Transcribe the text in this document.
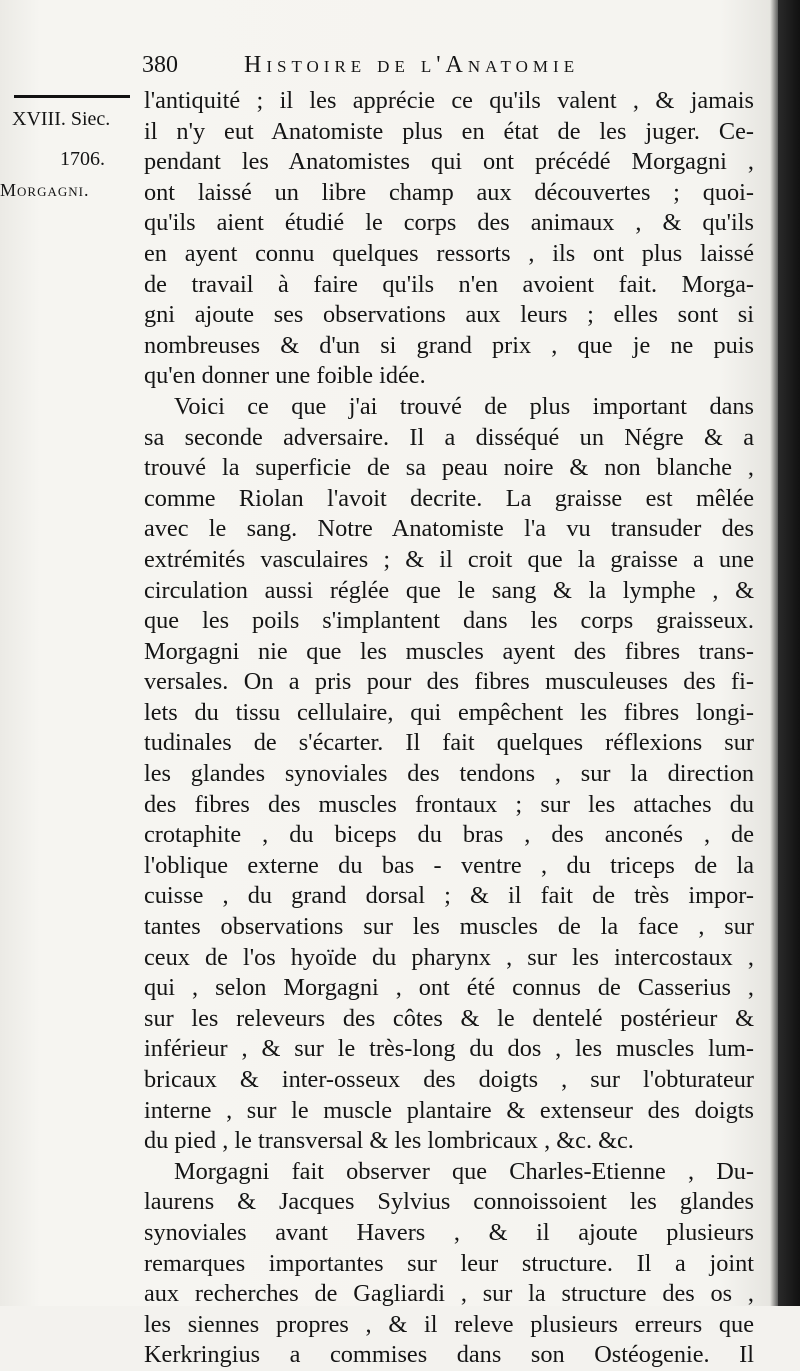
380	Histoire de l'Anatomie
XVIII. Siec.
1706.
Morgagni.
l'antiquité ; il les apprécie ce qu'ils valent , & jamais
il n'y eut Anatomiste plus en état de les juger. Ce-
pendant les Anatomistes qui ont précédé Morgagni ,
ont laissé un libre champ aux découvertes ; quoi-
qu'ils aient étudié le corps des animaux , & qu'ils
en ayent connu quelques ressorts , ils ont plus laissé
de travail à faire qu'ils n'en avoient fait. Morga-
gni ajoute ses observations aux leurs ; elles sont si
nombreuses & d'un si grand prix , que je ne puis
qu'en donner une foible idée.
Voici ce que j'ai trouvé de plus important dans
sa seconde adversaire. Il a disséqué un Négre & a
trouvé la superficie de sa peau noire & non blanche ,
comme Riolan l'avoit decrite. La graisse est mêlée
avec le sang. Notre Anatomiste l'a vu transuder des
extrémités vasculaires ; & il croit que la graisse a une
circulation aussi réglée que le sang & la lymphe , &
que les poils s'implantent dans les corps graisseux.
Morgagni nie que les muscles ayent des fibres trans-
versales. On a pris pour des fibres musculeuses des fi-
lets du tissu cellulaire, qui empêchent les fibres longi-
tudinales de s'écarter. Il fait quelques réflexions sur
les glandes synoviales des tendons , sur la direction
des fibres des muscles frontaux ; sur les attaches du
crotaphite , du biceps du bras , des anconés , de
l'oblique externe du bas - ventre , du triceps de la
cuisse , du grand dorsal ; & il fait de très impor-
tantes observations sur les muscles de la face , sur
ceux de l'os hyoïde du pharynx , sur les intercostaux ,
qui , selon Morgagni , ont été connus de Casserius ,
sur les releveurs des côtes & le dentelé postérieur &
inférieur , & sur le très-long du dos , les muscles lum-
bricaux & inter-osseux des doigts , sur l'obturateur
interne , sur le muscle plantaire & extenseur des doigts
du pied , le transversal & les lombricaux , &c. &c.
Morgagni fait observer que Charles-Etienne , Du-
laurens & Jacques Sylvius connoissoient les glandes
synoviales avant Havers , & il ajoute plusieurs
remarques importantes sur leur structure. Il a joint
aux recherches de Gagliardi , sur la structure des os ,
les siennes propres , & il releve plusieurs erreurs que
Kerkringius a commises dans son Ostéogenie. Il
